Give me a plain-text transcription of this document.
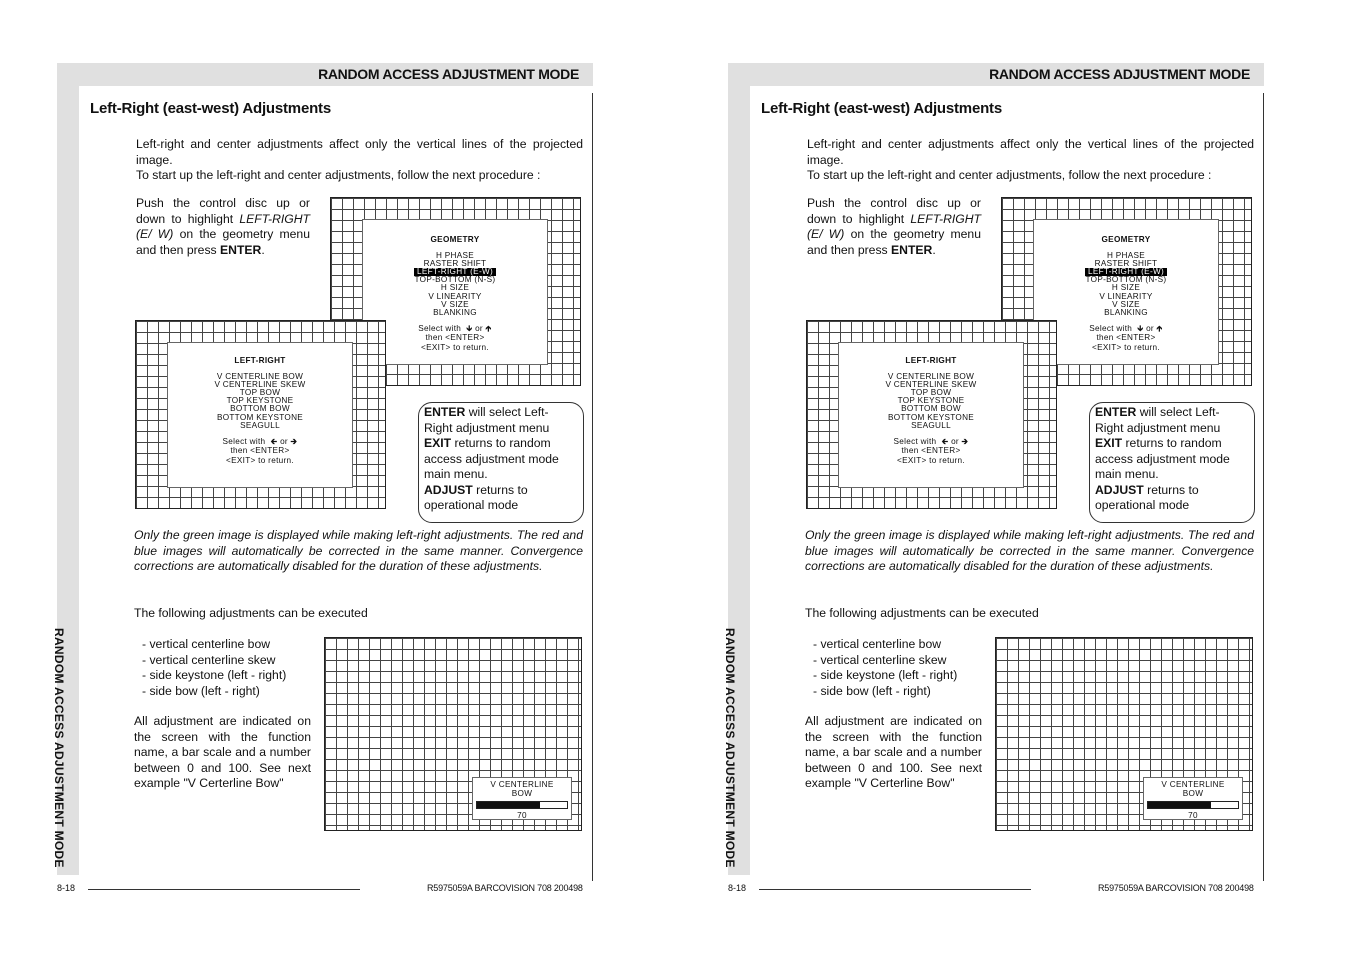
RANDOM ACCESS ADJUSTMENT MODE
RANDOM ACCESS ADJUSTMENT MODE
Left-Right (east-west) Adjustments
Left-right and center adjustments affect only the vertical lines of the projected image.
To start up the left-right and center adjustments, follow the next procedure :
Push the control disc up or down to highlight LEFT-RIGHT (E/ W) on the geometry menu and then press ENTER.
GEOMETRY
H PHASE
RASTER SHIFT
LEFT-RIGHT (E-W)
TOP-BOTTOM (N-S)
H SIZE
V LINEARITY
V SIZE
BLANKING
Select with 🡳 or 🡱
then <ENTER>
<EXIT> to return.
LEFT-RIGHT
V CENTERLINE BOW
V CENTERLINE SKEW
TOP BOW
TOP KEYSTONE
BOTTOM BOW
BOTTOM KEYSTONE
SEAGULL
Select with 🡰 or 🡲
then <ENTER>
<EXIT> to return.
ENTER will select Left-Right adjustment menu
EXIT returns to random access adjustment mode main menu.
ADJUST returns to operational mode
Only the green image is displayed while making left-right adjustments. The red and blue images will automatically be corrected in the same manner. Convergence corrections are automatically disabled for the duration of these adjustments.
The following adjustments can be executed
- vertical centerline bow
- vertical centerline skew
- side keystone (left - right)
- side bow (left - right)
All adjustment are indicated on the screen with the function name, a bar scale and a number between 0 and 100. See next example "V Certerline Bow"	V CENTERLINE
BOW
70
8-18	R5975059A BARCOVISION 708 200498
RANDOM ACCESS ADJUSTMENT MODE
RANDOM ACCESS ADJUSTMENT MODE
Left-Right (east-west) Adjustments
Left-right and center adjustments affect only the vertical lines of the projected image.
To start up the left-right and center adjustments, follow the next procedure :
Push the control disc up or down to highlight LEFT-RIGHT (E/ W) on the geometry menu and then press ENTER.
GEOMETRY
H PHASE
RASTER SHIFT
LEFT-RIGHT (E-W)
TOP-BOTTOM (N-S)
H SIZE
V LINEARITY
V SIZE
BLANKING
Select with 🡳 or 🡱
then <ENTER>
<EXIT> to return.
LEFT-RIGHT
V CENTERLINE BOW
V CENTERLINE SKEW
TOP BOW
TOP KEYSTONE
BOTTOM BOW
BOTTOM KEYSTONE
SEAGULL
Select with 🡰 or 🡲
then <ENTER>
<EXIT> to return.
ENTER will select Left-Right adjustment menu
EXIT returns to random access adjustment mode main menu.
ADJUST returns to operational mode
Only the green image is displayed while making left-right adjustments. The red and blue images will automatically be corrected in the same manner. Convergence corrections are automatically disabled for the duration of these adjustments.
The following adjustments can be executed
- vertical centerline bow
- vertical centerline skew
- side keystone (left - right)
- side bow (left - right)
All adjustment are indicated on the screen with the function name, a bar scale and a number between 0 and 100. See next example "V Certerline Bow"	V CENTERLINE
BOW
70
8-18	R5975059A BARCOVISION 708 200498
